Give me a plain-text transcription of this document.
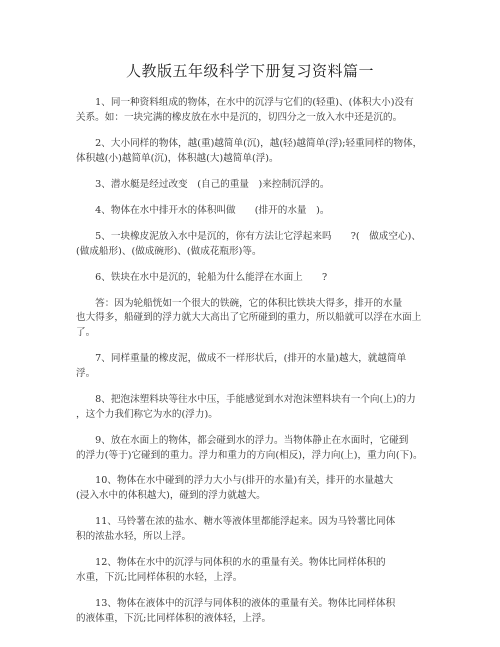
人教版五年级科学下册复习资料篇一

　　1、同一种资料组成的物体，在水中的沉浮与它们的(轻重)、(体积大小)没有
关系。如：一块完满的橡皮放在水中是沉的，切四分之一放入水中还是沉的。

　　2、大小同样的物体，越(重)越简单(沉)，越(轻)越简单(浮);轻重同样的物体，
体积越(小)越简单(沉)，体积越(大)越简单(浮)。

　　3、潜水艇是经过改变　(自己的重量　)来控制沉浮的。

　　4、物体在水中排开水的体积叫做　　(排开的水量　)。

　　5、一块橡皮泥放入水中是沉的，你有方法让它浮起来吗　　?(　做成空心)、
(做成船形)、(做成碗形)、(做成花瓶形)等。

　　6、铁块在水中是沉的，轮船为什么能浮在水面上　　?

　　答：因为轮船恍如一个很大的铁碗，它的体积比铁块大得多，排开的水量
也大得多，船碰到的浮力就大大高出了它所碰到的重力，所以船就可以浮在水面上
了。

　　7、同样重量的橡皮泥，做成不一样形状后，(排开的水量)越大，就越简单
浮。

　　8、把泡沫塑料块等往水中压，手能感觉到水对泡沫塑料块有一个向(上)的力
，这个力我们称它为水的(浮力)。

　　9、放在水面上的物体，都会碰到水的浮力。当物体静止在水面时，它碰到
的浮力(等于)它碰到的重力。浮力和重力的方向(相反)，浮力向(上)，重力向(下)。

　　10、物体在水中碰到的浮力大小与(排开的水量)有关，排开的水量越大
(浸入水中的体积越大)，碰到的浮力就越大。

　　11、马铃薯在浓的盐水、糖水等液体里都能浮起来。因为马铃薯比同体
积的浓盐水轻，所以上浮。

　　12、物体在水中的沉浮与同体积的水的重量有关。物体比同样体积的
水重，下沉;比同样体积的水轻，上浮。

　　13、物体在液体中的沉浮与同体积的液体的重量有关。物体比同样体积
的液体重，下沉;比同样体积的液体轻，上浮。
